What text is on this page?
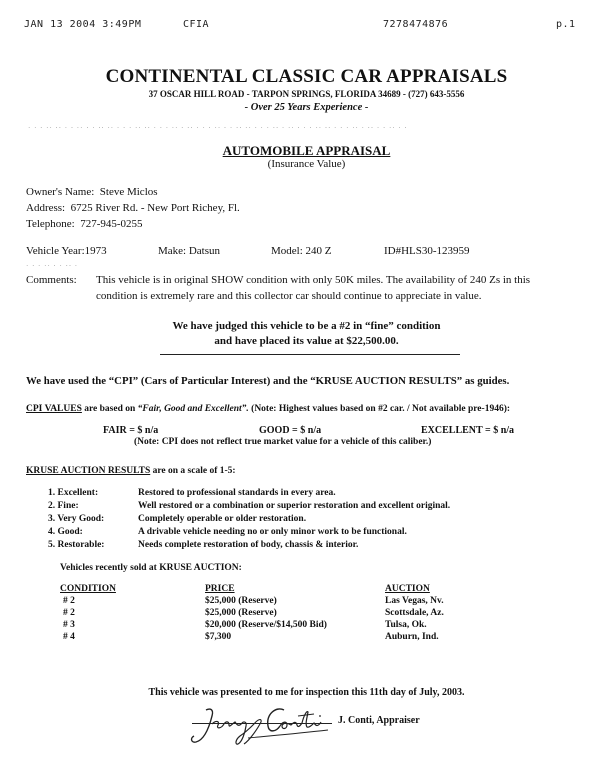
JAN 13 2004 3:49PM	CFIA	7278474876	p.1
CONTINENTAL CLASSIC CAR APPRAISALS
37 OSCAR HILL ROAD - TARPON SPRINGS, FLORIDA 34689 - (727) 643-5556
- Over 25 Years Experience -
· · ‧ ·· ‧‧ · ‧ ·· ‧ · ‧‧ ·· · ‧ · ·· ‧‧ · ‧ · ·· ‧ ‧‧ · · ‧ ·· ‧ · ‧‧ ·· ‧ · · ‧‧ · ·· ‧ · ‧ ·· ‧‧ · ‧ · ·· · ‧‧ · ‧ ·· · ‧
AUTOMOBILE APPRAISAL
(Insurance Value)
Owner's Name: Steve Miclos
Address: 6725 River Rd. - New Port Richey, Fl.
Telephone: 727-945-0255
Vehicle Year:1973	Make: Datsun	Model: 240 Z	ID#HLS30-123959
· ‧ · ·· ‧ · ‧‧ ·
Comments: This vehicle is in original SHOW condition with only 50K miles. The availability of 240 Zs in this
condition is extremely rare and this collector car should continue to appreciate in value.
We have judged this vehicle to be a #2 in “fine” condition
and have placed its value at $22,500.00.
We have used the “CPI” (Cars of Particular Interest) and the “KRUSE AUCTION RESULTS” as guides.
CPI VALUES are based on “Fair, Good and Excellent”. (Note: Highest values based on #2 car. / Not available pre-1946):
FAIR = $ n/a	GOOD = $ n/a	EXCELLENT = $ n/a
(Note: CPI does not reflect true market value for a vehicle of this caliber.)
KRUSE AUCTION RESULTS are on a scale of 1-5:
1. Excellent:	Restored to professional standards in every area.
2. Fine:	Well restored or a combination or superior restoration and excellent original.
3. Very Good:	Completely operable or older restoration.
4. Good:	A drivable vehicle needing no or only minor work to be functional.
5. Restorable:	Needs complete restoration of body, chassis & interior.
Vehicles recently sold at KRUSE AUCTION:
CONDITION	PRICE	AUCTION
# 2	$25,000 (Reserve)	Las Vegas, Nv.
# 2	$25,000 (Reserve)	Scottsdale, Az.
# 3	$20,000 (Reserve/$14,500 Bid)	Tulsa, Ok.
# 4	$7,300	Auburn, Ind.
This vehicle was presented to me for inspection this 11th day of July, 2003.
J. Conti, Appraiser
